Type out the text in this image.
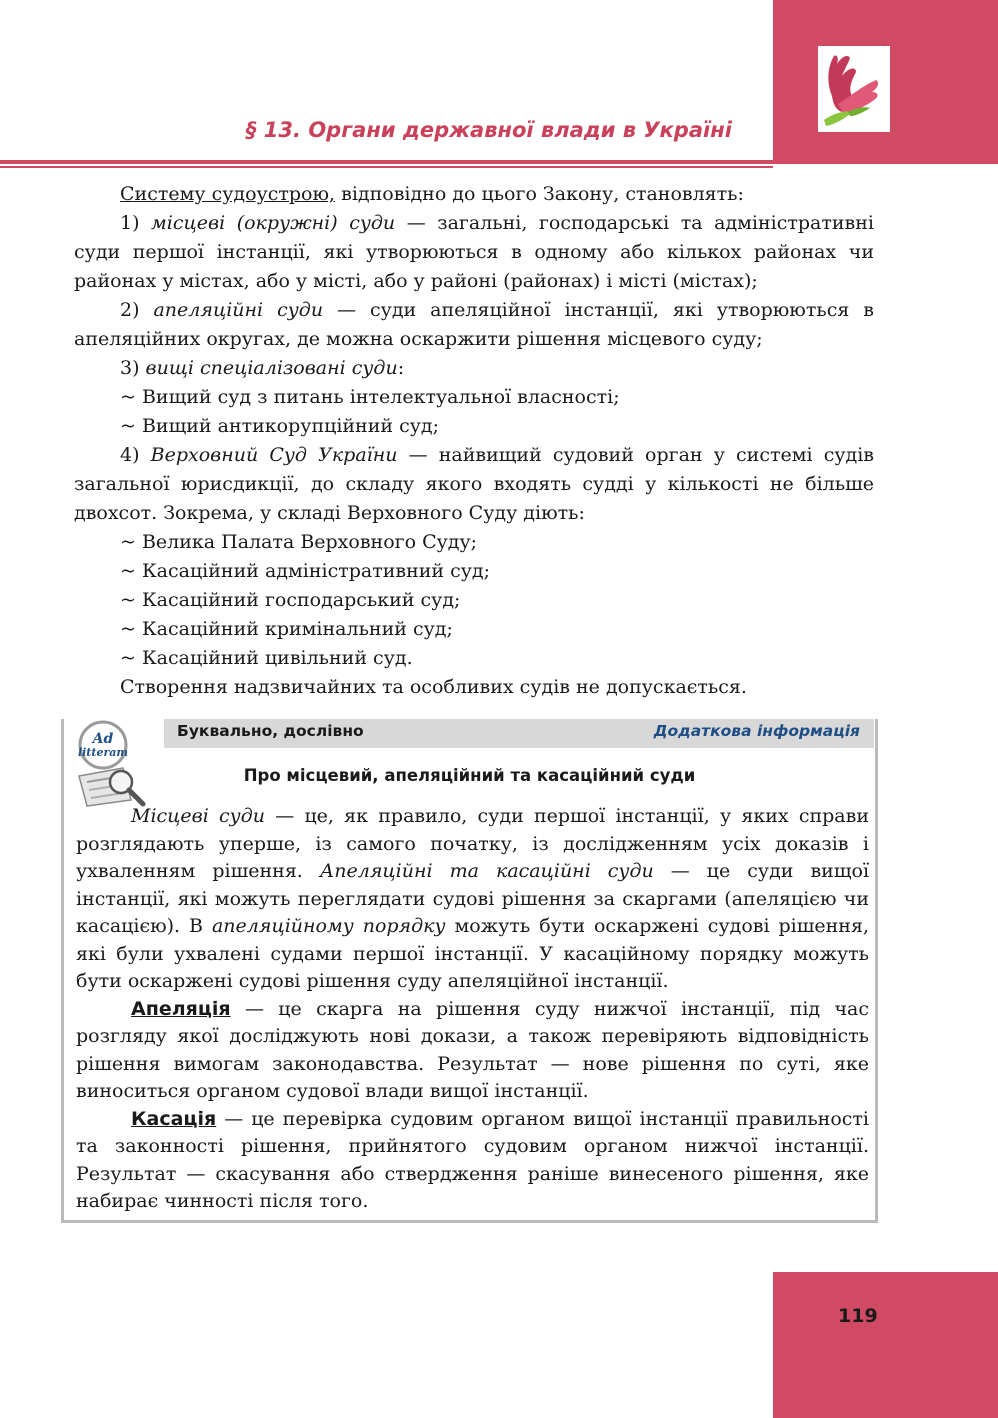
§ 13. Органи державної влади в Україні

Систему судоустрою, відповідно до цього Закону, становлять:

1) місцеві (окружні) суди — загальні, господарські та адміністративні суди першої інстанції, які утворюються в одному або кількох районах чи районах у містах, або у місті, або у районі (районах) і місті (містах);

2) апеляційні суди — суди апеляційної інстанції, які утворюються в апеляційних округах, де можна оскаржити рішення місцевого суду;

3) вищі спеціалізовані суди:

~ Вищий суд з питань інтелектуальної власності;

~ Вищий антикорупційний суд;

4) Верховний Суд України — найвищий судовий орган у системі судів загальної юрисдикції, до складу якого входять судді у кількості не більше двохсот. Зокрема, у складі Верховного Суду діють:

~ Велика Палата Верховного Суду;

~ Касаційний адміністративний суд;

~ Касаційний господарський суд;

~ Касаційний кримінальний суд;

~ Касаційний цивільний суд.

Створення надзвичайних та особливих судів не допускається.

Буквально, дослівно	Додаткова інформація
Ad
litteram
Про місцевий, апеляційний та касаційний суди

Місцеві суди — це, як правило, суди першої інстанції, у яких справи розглядають уперше, із самого початку, із дослідженням усіх доказів і ухваленням рішення. Апеляційні та касаційні суди — це суди вищої інстанції, які можуть переглядати судові рішення за скаргами (апеляцією чи касацією). В апеляційному порядку можуть бути оскаржені судові рішення, які були ухвалені судами першої інстанції. У касаційному порядку можуть бути оскаржені судові рішення суду апеляційної інстанції.

Апеляція — це скарга на рішення суду нижчої інстанції, під час розгляду якої досліджують нові докази, а також перевіряють відповідність рішення вимогам законодавства. Результат — нове рішення по суті, яке виноситься органом судової влади вищої інстанції.

Касація — це перевірка судовим органом вищої інстанції правильності та законності рішення, прийнятого судовим органом нижчої інстанції. Результат — скасування або ствердження раніше винесеного рішення, яке набирає чинності після того.

119
